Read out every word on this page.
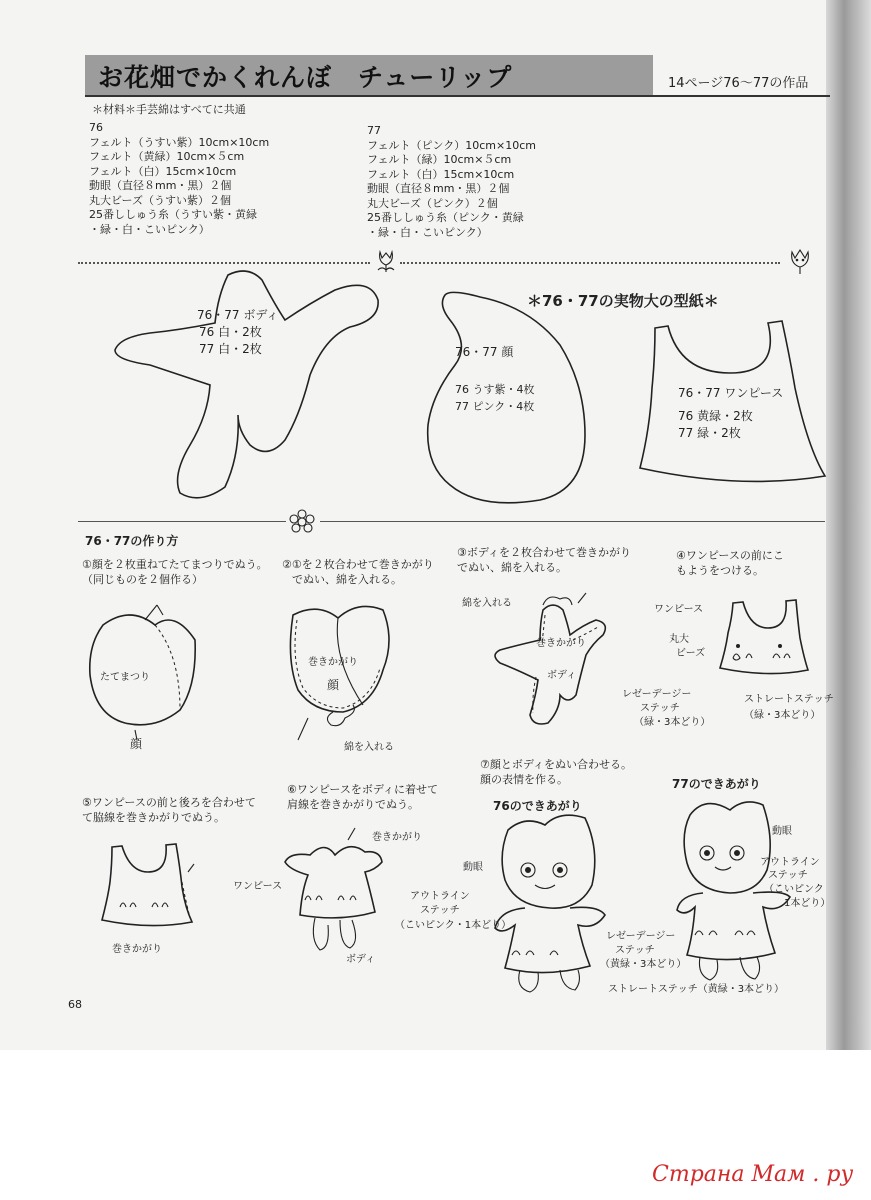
お花畑でかくれんぼ　チューリップ	14ページ76〜77の作品
＊材料＊手芸綿はすべてに共通
76
フェルト（うすい紫）10cm×10cm
フェルト（黄緑）10cm×５cm
フェルト（白）15cm×10cm
動眼（直径８mm・黒）２個
丸大ビーズ（うすい紫）２個
25番ししゅう糸（うすい紫・黄緑
・緑・白・こいピンク）
77
フェルト（ピンク）10cm×10cm
フェルト（緑）10cm×５cm
フェルト（白）15cm×10cm
動眼（直径８mm・黒）２個
丸大ビーズ（ピンク）２個
25番ししゅう糸（ピンク・黄緑
・緑・白・こいピンク）
＊76・77の実物大の型紙＊
76・77 ボディ
76 白・2枚
77 白・2枚	76・77 顔
76 うす紫・4枚
77 ピンク・4枚
76・77 ワンピース
76 黄緑・2枚
77 緑・2枚
76・77の作り方
①顔を２枚重ねてたてまつりでぬう。
（同じものを２個作る）
②①を２枚合わせて巻きかがり
でぬい、綿を入れる。
③ボディを２枚合わせて巻きかがり
でぬい、綿を入れる。
④ワンピースの前にこ
もようをつける。
たてまつり
顔
巻きかがり
顔
綿を入れる
綿を入れる
巻きかがり
ボディ
ワンピース
丸大
ビーズ
レゼーデージー
ステッチ
（緑・3本どり）
ストレートステッチ
（緑・3本どり）
⑤ワンピースの前と後ろを合わせて
て脇線を巻きかがりでぬう。
⑥ワンピースをボディに着せて
肩線を巻きかがりでぬう。
⑦顔とボディをぬい合わせる。
顔の表情を作る。
巻きかがり
巻きかがり
ワンピース
ボディ
76のできあがり
動眼
アウトライン
ステッチ
（こいピンク・1本どり）
77のできあがり
動眼
アウトライン
ステッチ
（こいピンク
1本どり）
レゼーデージー
ステッチ
（黄緑・3本どり）
ストレートステッチ（黄緑・3本どり）
68
Страна Мам . ру
